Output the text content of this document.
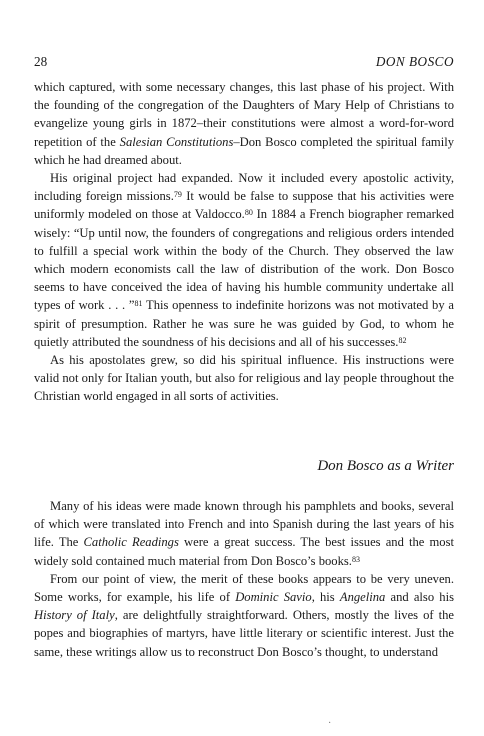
28	DON BOSCO

which captured, with some necessary changes, this last phase of his project. With the founding of the congregation of the Daughters of Mary Help of Christians to evangelize young girls in 1872–their constitutions were almost a word-for-word repetition of the Salesian Constitutions–Don Bosco completed the spiritual family which he had dreamed about.

His original project had expanded. Now it included every apostolic activity, including foreign missions.$^{79}$ It would be false to suppose that his activities were uniformly modeled on those at Valdocco.$^{80}$ In 1884 a French biographer remarked wisely: “Up until now, the founders of congregations and religious orders intended to fulfill a special work within the body of the Church. They observed the law which modern economists call the law of distribution of the work. Don Bosco seems to have conceived the idea of having his humble community undertake all types of work . . . ”$^{81}$ This openness to indefinite horizons was not motivated by a spirit of presumption. Rather he was sure he was guided by God, to whom he quietly attributed the soundness of his decisions and all of his successes.$^{82}$

As his apostolates grew, so did his spiritual influence. His instructions were valid not only for Italian youth, but also for religious and lay people throughout the Christian world engaged in all sorts of activities.

Don Bosco as a Writer

Many of his ideas were made known through his pamphlets and books, several of which were translated into French and into Spanish during the last years of his life. The Catholic Readings were a great success. The best issues and the most widely sold contained much material from Don Bosco’s books.$^{83}$

From our point of view, the merit of these books appears to be very uneven. Some works, for example, his life of Dominic Savio, his Angelina and also his History of Italy, are delightfully straightforward. Others, mostly the lives of the popes and biographies of martyrs, have little literary or scientific interest. Just the same, these writings allow us to reconstruct Don Bosco’s thought, to understand

·
